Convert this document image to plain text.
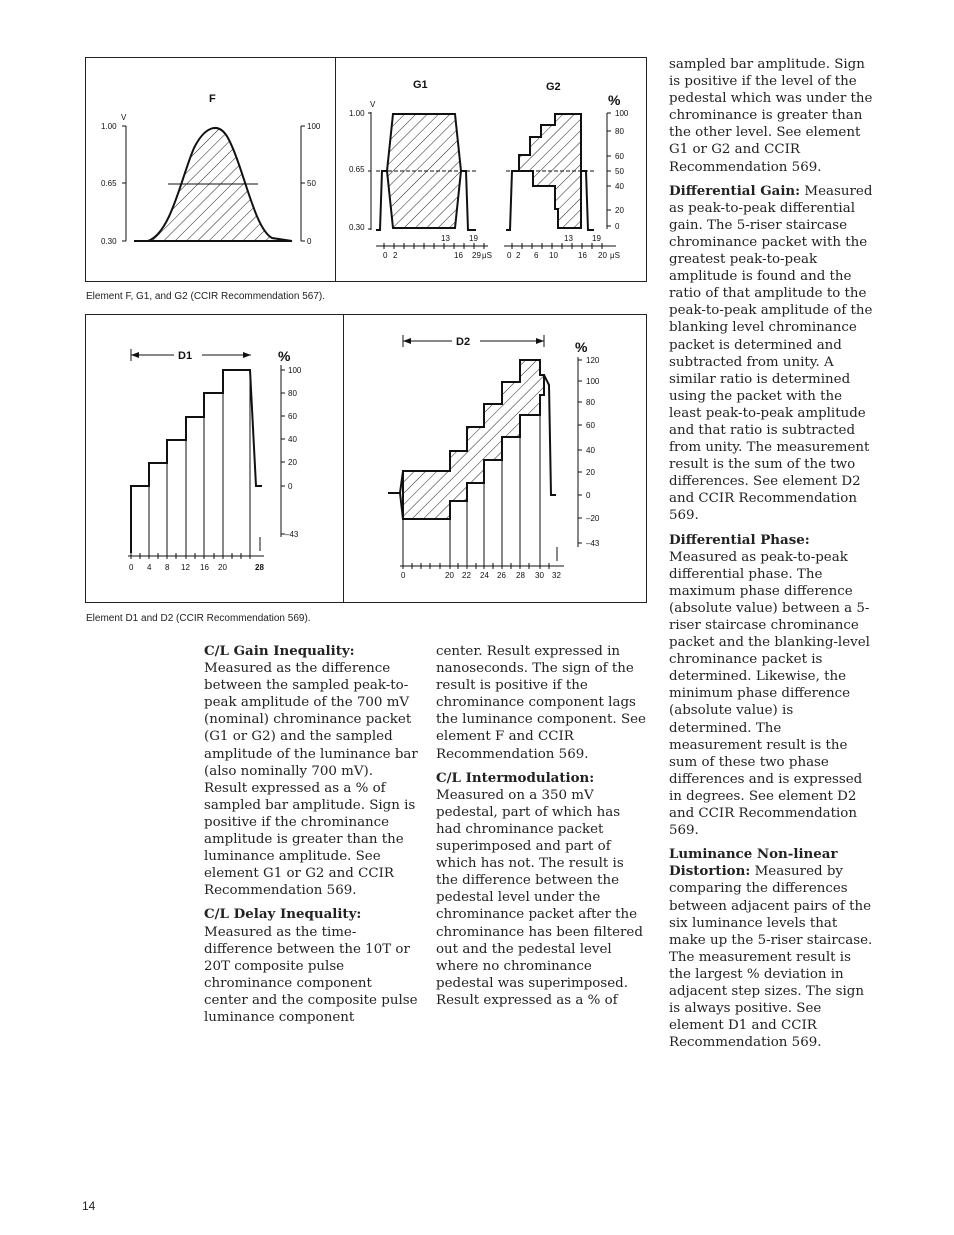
F
V
1.00
0.65
0.30
100
50
0
G1	G2
V	%
1.00
0.65
0.30
100
80
60
50
40
20
0
13 19
0 2	16 29 μS
13 19
0 2 6 10	16 20 μS
Element F, G1, and G2 (CCIR Recommendation 567).
D1	%
100
80
60
40
20
0
–43
0 4 8 12 16 20	28
D2	%
120
100
80
60
40
20
0
–20
–43
0	20 22 24 26 28 30 32
Element D1 and D2 (CCIR Recommendation 569).

C/L Gain Inequality: Measured as the difference between the sampled peak-to-peak amplitude of the 700 mV (nominal) chrominance packet (G1 or G2) and the sampled amplitude of the luminance bar (also nominally 700 mV). Result expressed as a % of sampled bar amplitude. Sign is positive if the chrominance amplitude is greater than the luminance amplitude. See element G1 or G2 and CCIR Recommendation 569.

C/L Delay Inequality: Measured as the time-difference between the 10T or 20T composite pulse chrominance component center and the composite pulse luminance component

center. Result expressed in nanoseconds. The sign of the result is positive if the chrominance component lags the luminance component. See element F and CCIR Recommendation 569.

C/L Intermodulation: Measured on a 350 mV pedestal, part of which has had chrominance packet superimposed and part of which has not. The result is the difference between the pedestal level under the chrominance packet after the chrominance has been filtered out and the pedestal level where no chrominance pedestal was superimposed. Result expressed as a % of

sampled bar amplitude. Sign is positive if the level of the pedestal which was under the chrominance is greater than the other level. See element G1 or G2 and CCIR Recommendation 569.

Differential Gain: Measured as peak-to-peak differential gain. The 5-riser staircase chrominance packet with the greatest peak-to-peak amplitude is found and the ratio of that amplitude to the peak-to-peak amplitude of the blanking level chrominance packet is determined and subtracted from unity. A similar ratio is determined using the packet with the least peak-to-peak amplitude and that ratio is subtracted from unity. The measurement result is the sum of the two differences. See element D2 and CCIR Recommendation 569.

Differential Phase: Measured as peak-to-peak differential phase. The maximum phase difference (absolute value) between a 5-riser staircase chrominance packet and the blanking-level chrominance packet is determined. Likewise, the minimum phase difference (absolute value) is determined. The measurement result is the sum of these two phase differences and is expressed in degrees. See element D2 and CCIR Recommendation 569.

Luminance Non-linear Distortion: Measured by comparing the differences between adjacent pairs of the six luminance levels that make up the 5-riser staircase. The measurement result is the largest % deviation in adjacent step sizes. The sign is always positive. See element D1 and CCIR Recommendation 569.

14
